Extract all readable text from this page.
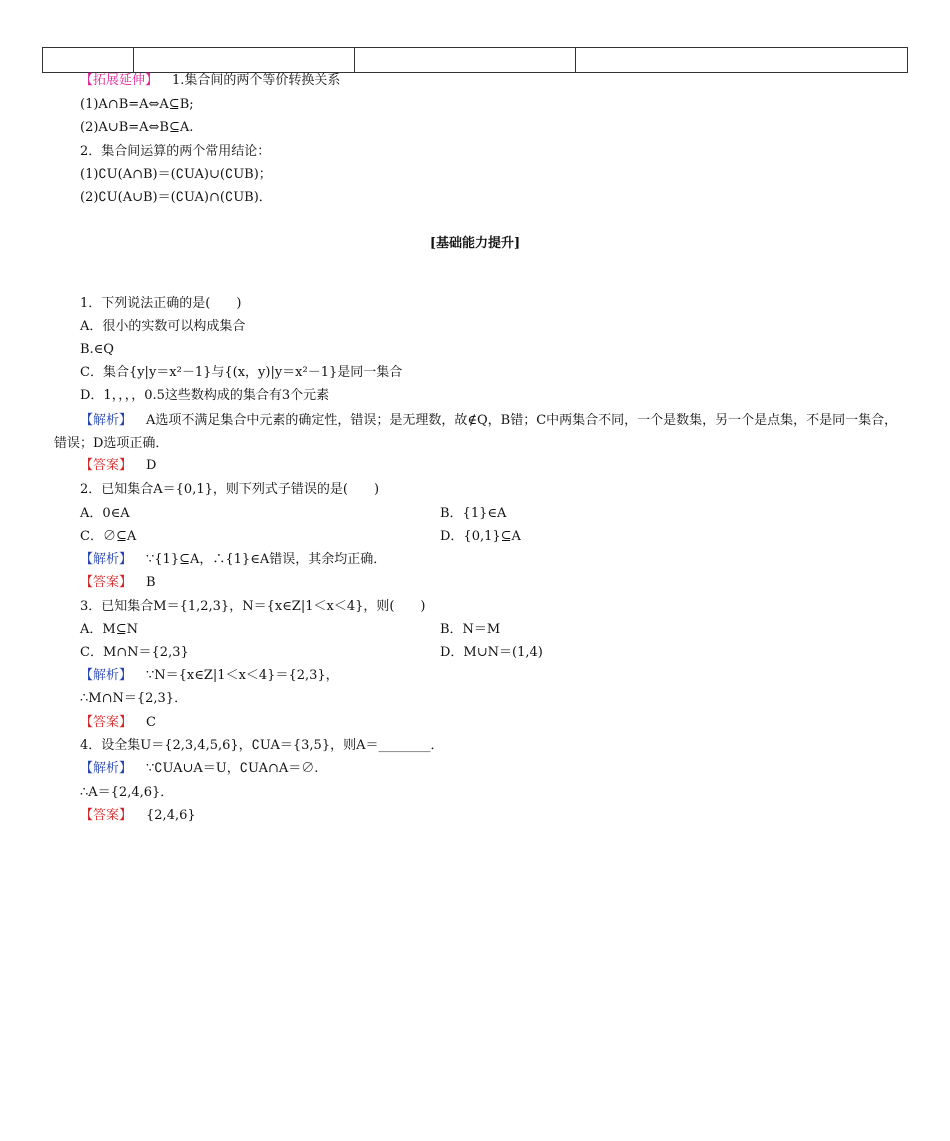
【拓展延伸】 1.集合间的两个等价转换关系
(1)A∩B=A⇔A⊆B;
(2)A∪B=A⇔B⊆A.
2．集合间运算的两个常用结论：
(1)∁U(A∩B)＝(∁UA)∪(∁UB)；
(2)∁U(A∪B)＝(∁UA)∩(∁UB)．
[基础能力提升]
1．下列说法正确的是(　　)
A．很小的实数可以构成集合
B.∈Q
C．集合{y|y＝x²－1}与{(x，y)|y＝x²－1}是同一集合
D．1，，，，0.5这些数构成的集合有3个元素
【解析】 A选项不满足集合中元素的确定性，错误；是无理数，故∉Q，B错；C中两集合不同，一个是数集，另一个是点集，不是同一集合，错误；D选项正确．
【答案】 D
2．已知集合A＝{0,1}，则下列式子错误的是(　　)
A．0∈A	B．{1}∈A
C．∅⊆A	D．{0,1}⊆A
【解析】 ∵{1}⊆A，∴{1}∈A错误，其余均正确．
【答案】 B
3．已知集合M＝{1,2,3}，N＝{x∈Z|1＜x＜4}，则(　　)
A．M⊆N	B．N＝M
C．M∩N＝{2,3}	D．M∪N＝(1,4)
【解析】 ∵N＝{x∈Z|1＜x＜4}＝{2,3}，
∴M∩N＝{2,3}．
【答案】 C
4．设全集U＝{2,3,4,5,6}，∁UA＝{3,5}，则A＝________．
【解析】 ∵∁UA∪A＝U，∁UA∩A＝∅.
∴A＝{2,4,6}．
【答案】 {2,4,6}
